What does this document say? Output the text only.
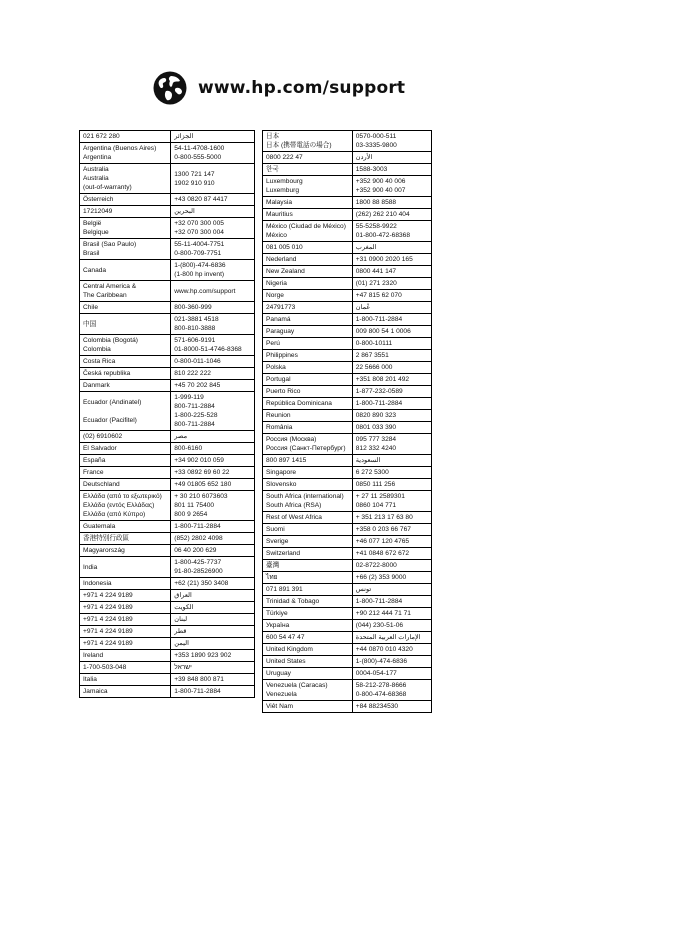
www.hp.com/support
021 672 280	الجزائر

Argentina (Buenos Aires)
Argentina	54-11-4708-1600
0-800-555-5000

Australia
Australia
(out-of-warranty)	1300 721 147
1902 910 910

Österreich	+43 0820 87 4417

17212049	البحرين

België
Belgique	+32 070 300 005
+32 070 300 004

Brasil (Sao Paulo)
Brasil	55-11-4004-7751
0-800-709-7751

Canada	1-(800)-474-6836
(1-800 hp invent)

Central America &
The Caribbean	www.hp.com/support

Chile	800-360-999

中国	021-3881 4518
800-810-3888

Colombia (Bogotá)
Colombia	571-606-9191
01-8000-51-4746-8368

Costa Rica	0-800-011-1046

Česká republika	810 222 222

Danmark	+45 70 202 845

Ecuador (Andinatel)

Ecuador (Pacifitel)	1-999-119
800-711-2884
1-800-225-528
800-711-2884

(02) 6910602	مصر

El Salvador	800-6160

España	+34 902 010 059

France	+33 0892 69 60 22

Deutschland	+49 01805 652 180

Ελλάδα (από το εξωτερικό)
Ελλάδα (εντός Ελλάδας)
Ελλάδα (από Κύπρο)	+ 30 210 6073603
801 11 75400
800 9 2654

Guatemala	1-800-711-2884

香港特別行政區	(852) 2802 4098

Magyarország	06 40 200 629

India	1-800-425-7737
91-80-28526900

Indonesia	+62 (21) 350 3408

+971 4 224 9189	العراق

+971 4 224 9189	الكويت

+971 4 224 9189	لبنان

+971 4 224 9189	قطر

+971 4 224 9189	اليمن

Ireland	+353 1890 923 902

1-700-503-048	ישראל

Italia	+39 848 800 871

Jamaica	1-800-711-2884
日本
日本 (携帯電話の場合)	0570-000-511
03-3335-9800

0800 222 47	الأردن

한국	1588-3003

Luxembourg
Luxemburg	+352 900 40 006
+352 900 40 007

Malaysia	1800 88 8588

Mauritius	(262) 262 210 404

México (Ciudad de México)
México	55-5258-9922
01-800-472-68368

081 005 010	المغرب

Nederland	+31 0900 2020 165

New Zealand	0800 441 147

Nigeria	(01) 271 2320

Norge	+47 815 62 070

24791773	عُمان

Panamá	1-800-711-2884

Paraguay	009 800 54 1 0006

Perú	0-800-10111

Philippines	2 867 3551

Polska	22 5666 000

Portugal	+351 808 201 492

Puerto Rico	1-877-232-0589

República Dominicana	1-800-711-2884

Reunion	0820 890 323

România	0801 033 390

Россия (Москва)
Россия (Санкт-Петербург)	095 777 3284
812 332 4240

800 897 1415	السعودية

Singapore	6 272 5300

Slovensko	0850 111 256

South Africa (international)
South Africa (RSA)	+ 27 11 2589301
0860 104 771

Rest of West Africa	+ 351 213 17 63 80

Suomi	+358 0 203 66 767

Sverige	+46 077 120 4765

Switzerland	+41 0848 672 672

臺灣	02-8722-8000

ไทย	+66 (2) 353 9000

071 891 391	تونس

Trinidad & Tobago	1-800-711-2884

Türkiye	+90 212 444 71 71

Україна	(044) 230-51-06

600 54 47 47	الإمارات العربية المتحدة

United Kingdom	+44 0870 010 4320

United States	1-(800)-474-6836

Uruguay	0004-054-177

Venezuela (Caracas)
Venezuela	58-212-278-8666
0-800-474-68368

Viêt Nam	+84 88234530
